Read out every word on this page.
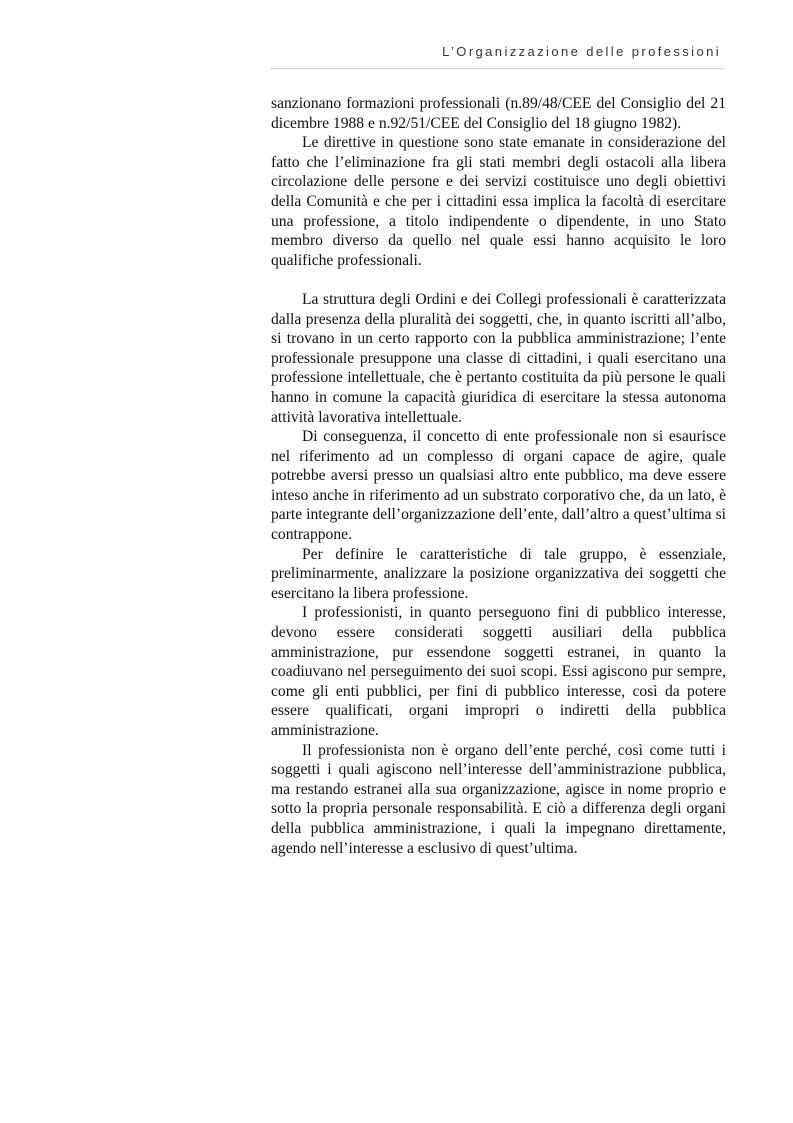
L’Organizzazione delle professioni

sanzionano formazioni professionali (n.89/48/CEE del Consiglio del 21 dicembre 1988 e n.92/51/CEE del Consiglio del 18 giugno 1982).

Le direttive in questione sono state emanate in considerazione del fatto che l’eliminazione fra gli stati membri degli ostacoli alla libera circolazione delle persone e dei servizi costituisce uno degli obiettivi della Comunità e che per i cittadini essa implica la facoltà di esercitare una professione, a titolo indipendente o dipendente, in uno Stato membro diverso da quello nel quale essi hanno acquisito le loro qualifiche professionali.

La struttura degli Ordini e dei Collegi professionali è caratterizzata dalla presenza della pluralità dei soggetti, che, in quanto iscritti all’albo, si trovano in un certo rapporto con la pubblica amministrazione; l’ente professionale presuppone una classe di cittadini, i quali esercitano una professione intellettuale, che è pertanto costituita da più persone le quali hanno in comune la capacità giuridica di esercitare la stessa autonoma attività lavorativa intellettuale.

Di conseguenza, il concetto di ente professionale non si esaurisce nel riferimento ad un complesso di organi capace de agire, quale potrebbe aversi presso un qualsiasi altro ente pubblico, ma deve essere inteso anche in riferimento ad un substrato corporativo che, da un lato, è parte integrante dell’organizzazione dell’ente, dall’altro a quest’ultima si contrappone.

Per definire le caratteristiche di tale gruppo, è essenziale, preliminarmente, analizzare la posizione organizzativa dei soggetti che esercitano la libera professione.

I professionisti, in quanto perseguono fini di pubblico interesse, devono essere considerati soggetti ausiliari della pubblica amministrazione, pur essendone soggetti estranei, in quanto la coadiuvano nel perseguimento dei suoi scopi. Essi agiscono pur sempre, come gli enti pubblici, per fini di pubblico interesse, così da potere essere qualificati, organi impropri o indiretti della pubblica amministrazione.

Il professionista non è organo dell’ente perché, così come tutti i soggetti i quali agiscono nell’interesse dell’amministrazione pubblica, ma restando estranei alla sua organizzazione, agisce in nome proprio e sotto la propria personale responsabilità. E ciò a differenza degli organi della pubblica amministrazione, i quali la impegnano direttamente, agendo nell’interesse a esclusivo di quest’ultima.
